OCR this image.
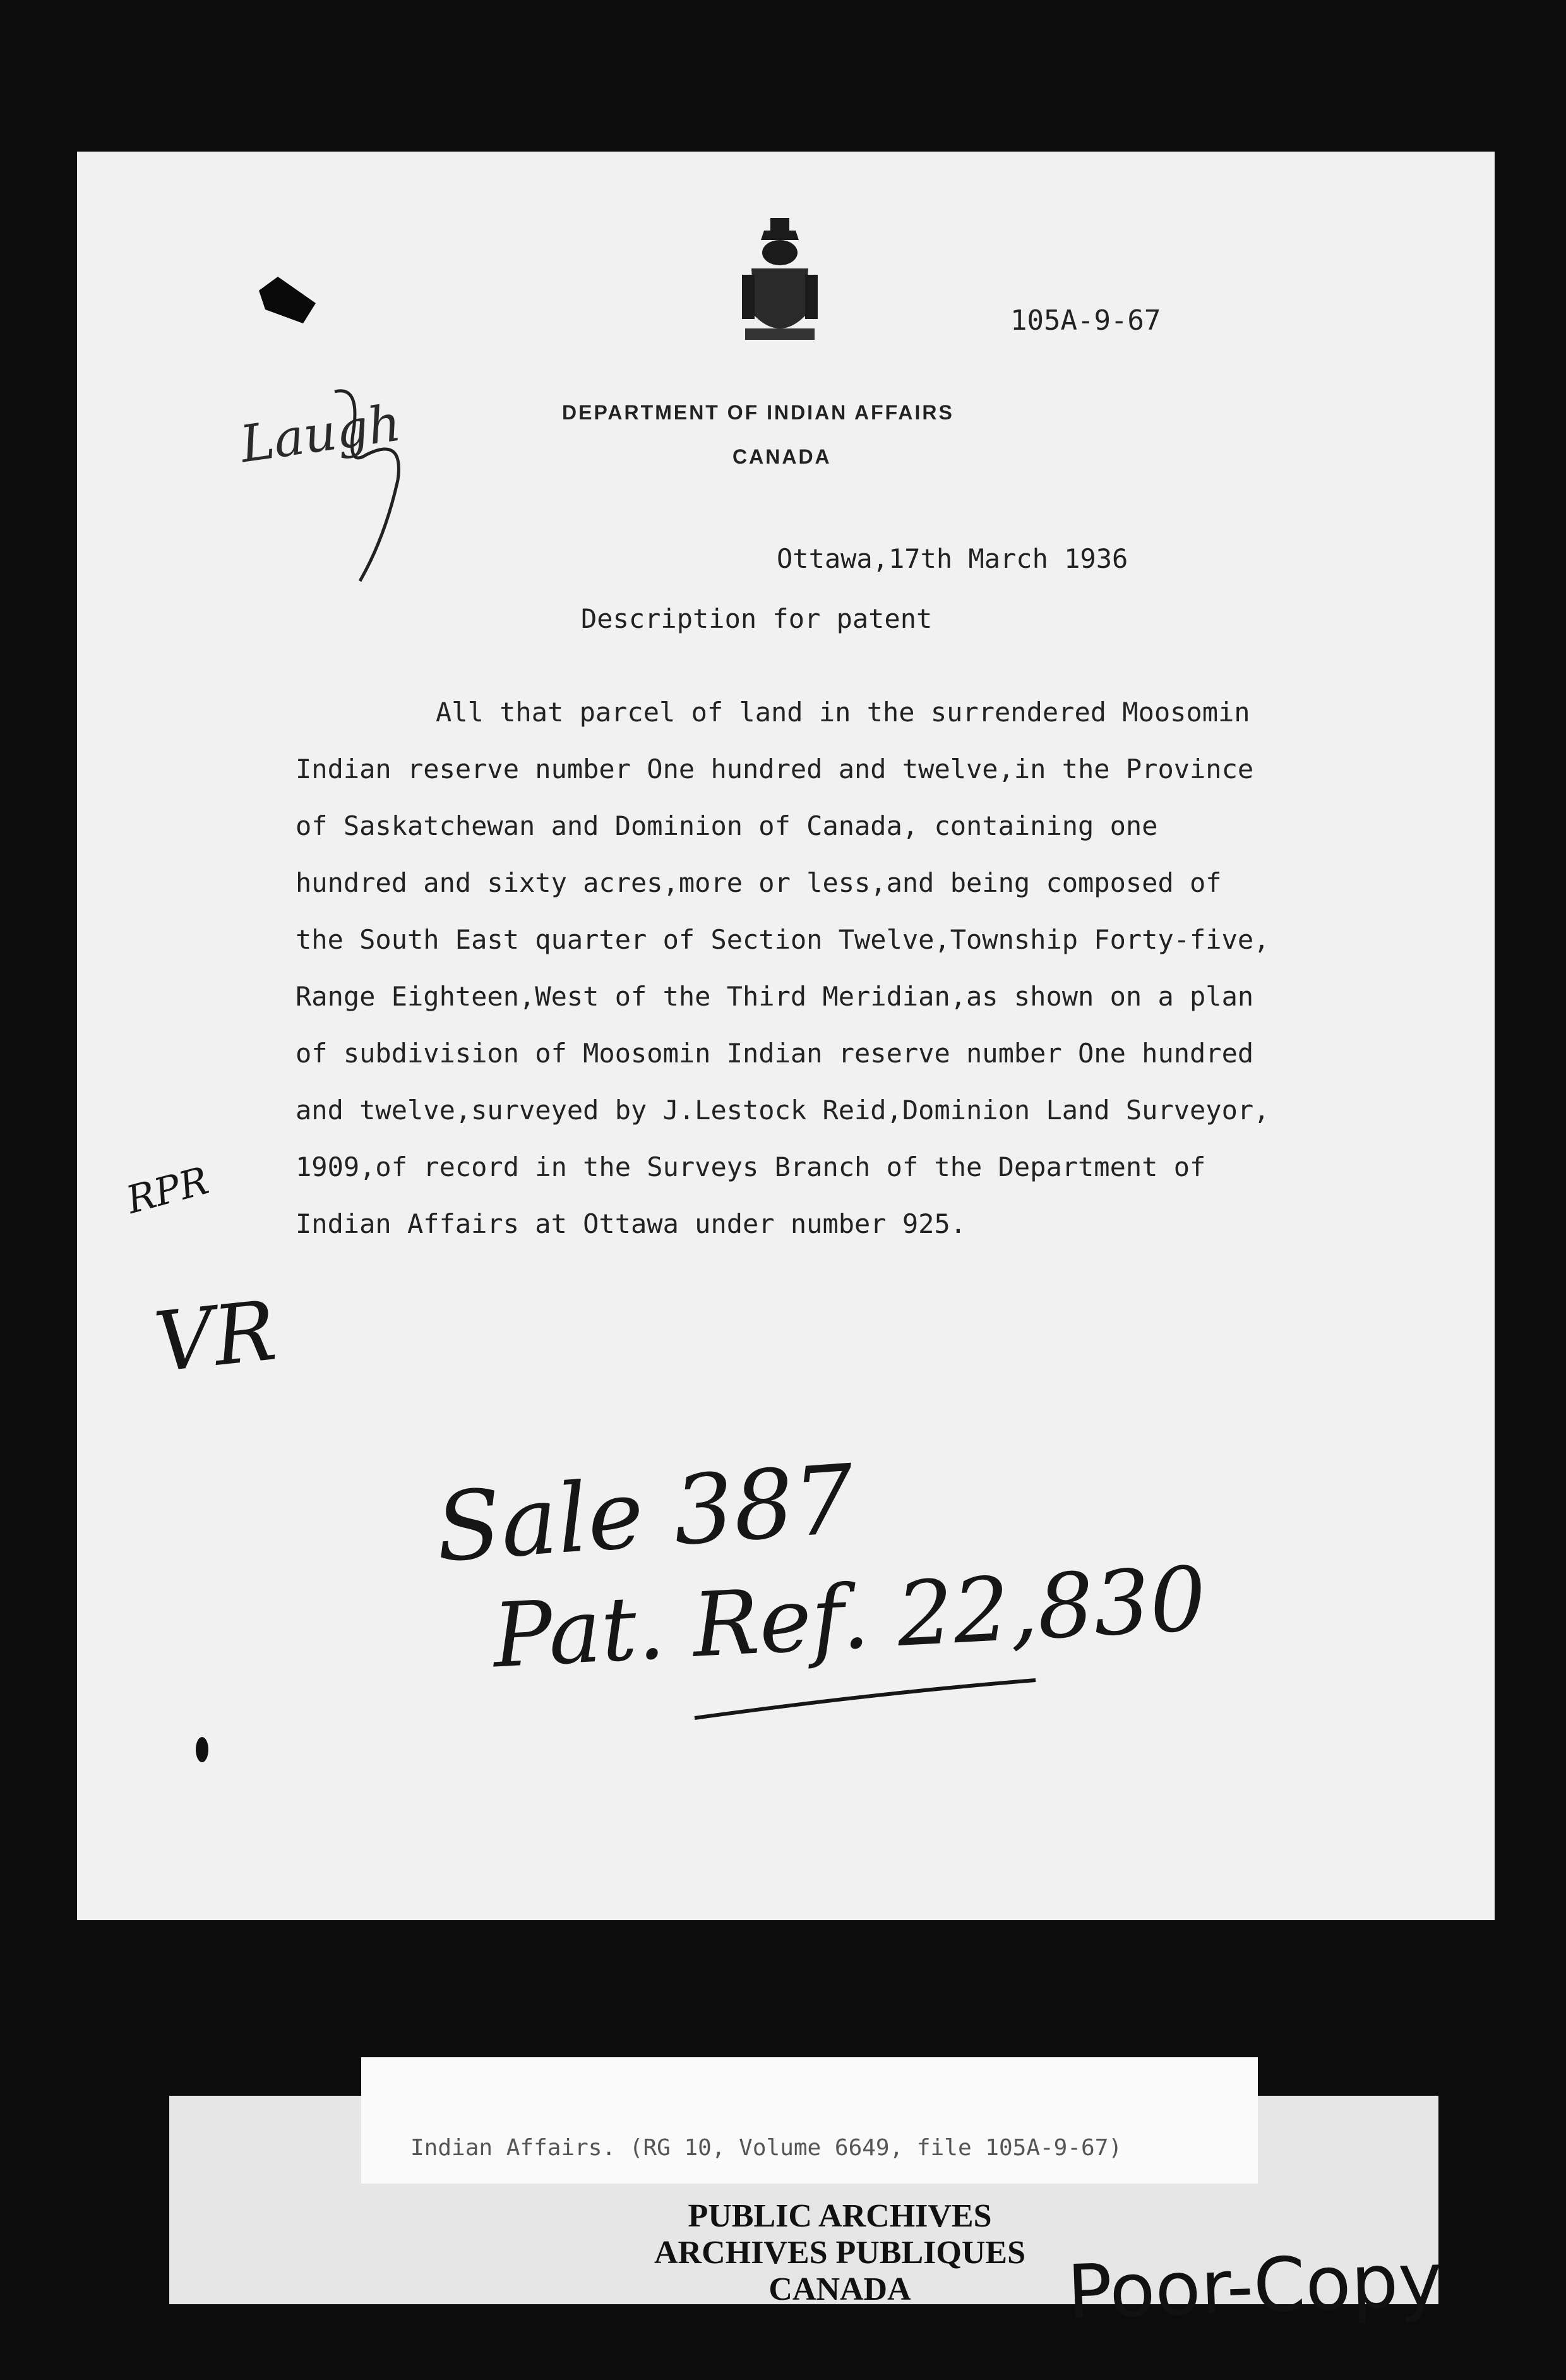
105A-9-67
DEPARTMENT OF INDIAN AFFAIRS
CANADA
Ottawa,17th March 1936
Description for patent
All that parcel of land in the surrendered Moosomin
Indian reserve number One hundred and twelve,in the Province
of Saskatchewan and Dominion of Canada, containing one
hundred and sixty acres,more or less,and being composed of
the South East quarter of Section Twelve,Township Forty-five,
Range Eighteen,West of the Third Meridian,as shown on a plan
of subdivision of Moosomin Indian reserve number One hundred
and twelve,surveyed by J.Lestock Reid,Dominion Land Surveyor,
1909,of record in the Surveys Branch of the Department of
Indian Affairs at Ottawa under number 925.
Laugh
RPR
VR
Sale 387
Pat. Ref. 22,830
Indian Affairs. (RG 10, Volume 6649, file 105A-9-67)
PUBLIC ARCHIVES
ARCHIVES PUBLIQUES
CANADA	Poor-Copy
